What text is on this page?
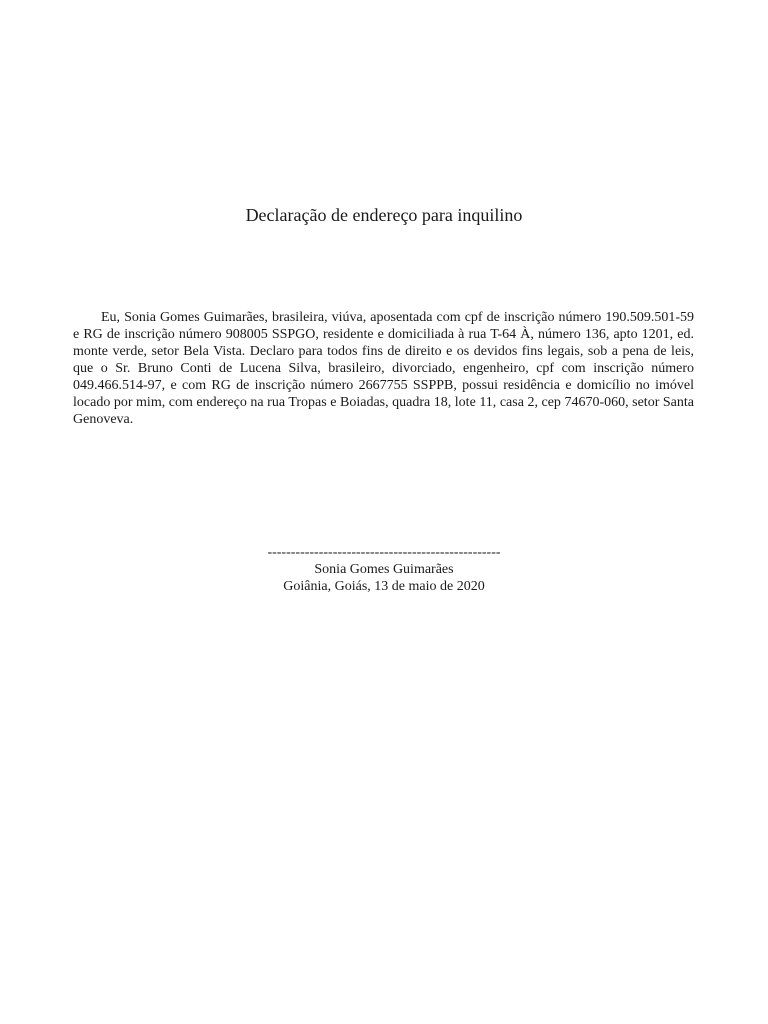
Declaração de endereço para inquilino

Eu, Sonia Gomes Guimarães, brasileira, viúva, aposentada com cpf de inscrição número 190.509.501-59 e RG de inscrição número 908005 SSPGO, residente e domiciliada à rua T-64 À, número 136, apto 1201, ed. monte verde, setor Bela Vista. Declaro para todos fins de direito e os devidos fins legais, sob a pena de leis, que o Sr. Bruno Conti de Lucena Silva, brasileiro, divorciado, engenheiro, cpf com inscrição número 049.466.514-97, e com RG de inscrição número 2667755 SSPPB, possui residência e domicílio no imóvel locado por mim, com endereço na rua Tropas e Boiadas, quadra 18, lote 11, casa 2, cep 74670-060, setor Santa Genoveva.

--------------------------------------------------
Sonia Gomes Guimarães
Goiânia, Goiás, 13 de maio de 2020
